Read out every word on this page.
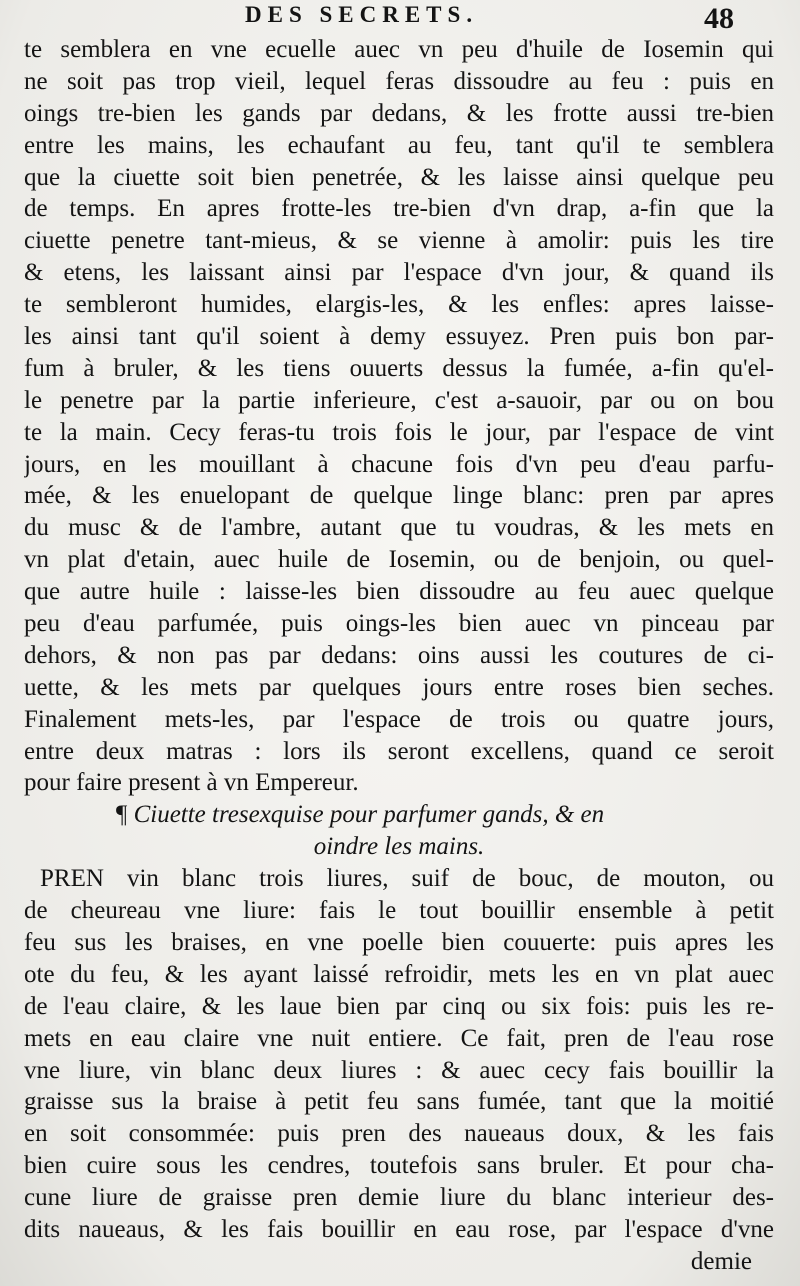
DES SECRETS.	48
te semblera en vne ecuelle auec vn peu d'huile de Iosemin qui
ne soit pas trop vieil, lequel feras dissoudre au feu : puis en
oings tre-bien les gands par dedans, & les frotte aussi tre-bien
entre les mains, les echaufant au feu, tant qu'il te semblera
que la ciuette soit bien penetrée, & les laisse ainsi quelque peu
de temps. En apres frotte-les tre-bien d'vn drap, a-fin que la
ciuette penetre tant-mieus, & se vienne à amolir: puis les tire
& etens, les laissant ainsi par l'espace d'vn jour, & quand ils
te sembleront humides, elargis-les, & les enfles: apres laisse-
les ainsi tant qu'il soient à demy essuyez. Pren puis bon par-
fum à bruler, & les tiens ouuerts dessus la fumée, a-fin qu'el-
le penetre par la partie inferieure, c'est a-sauoir, par ou on bou
te la main. Cecy feras-tu trois fois le jour, par l'espace de vint
jours, en les mouillant à chacune fois d'vn peu d'eau parfu-
mée, & les enuelopant de quelque linge blanc: pren par apres
du musc & de l'ambre, autant que tu voudras, & les mets en
vn plat d'etain, auec huile de Iosemin, ou de benjoin, ou quel-
que autre huile : laisse-les bien dissoudre au feu auec quelque
peu d'eau parfumée, puis oings-les bien auec vn pinceau par
dehors, & non pas par dedans: oins aussi les coutures de ci-
uette, & les mets par quelques jours entre roses bien seches.
Finalement mets-les, par l'espace de trois ou quatre jours,
entre deux matras : lors ils seront excellens, quand ce seroit
pour faire present à vn Empereur.
¶ Ciuette tresexquise pour parfumer gands, & en
oindre les mains.
PREN vin blanc trois liures, suif de bouc, de mouton, ou
de cheureau vne liure: fais le tout bouillir ensemble à petit
feu sus les braises, en vne poelle bien couuerte: puis apres les
ote du feu, & les ayant laissé refroidir, mets les en vn plat auec
de l'eau claire, & les laue bien par cinq ou six fois: puis les re-
mets en eau claire vne nuit entiere. Ce fait, pren de l'eau rose
vne liure, vin blanc deux liures : & auec cecy fais bouillir la
graisse sus la braise à petit feu sans fumée, tant que la moitié
en soit consommée: puis pren des naueaus doux, & les fais
bien cuire sous les cendres, toutefois sans bruler. Et pour cha-
cune liure de graisse pren demie liure du blanc interieur des-
dits naueaus, & les fais bouillir en eau rose, par l'espace d'vne
demie
